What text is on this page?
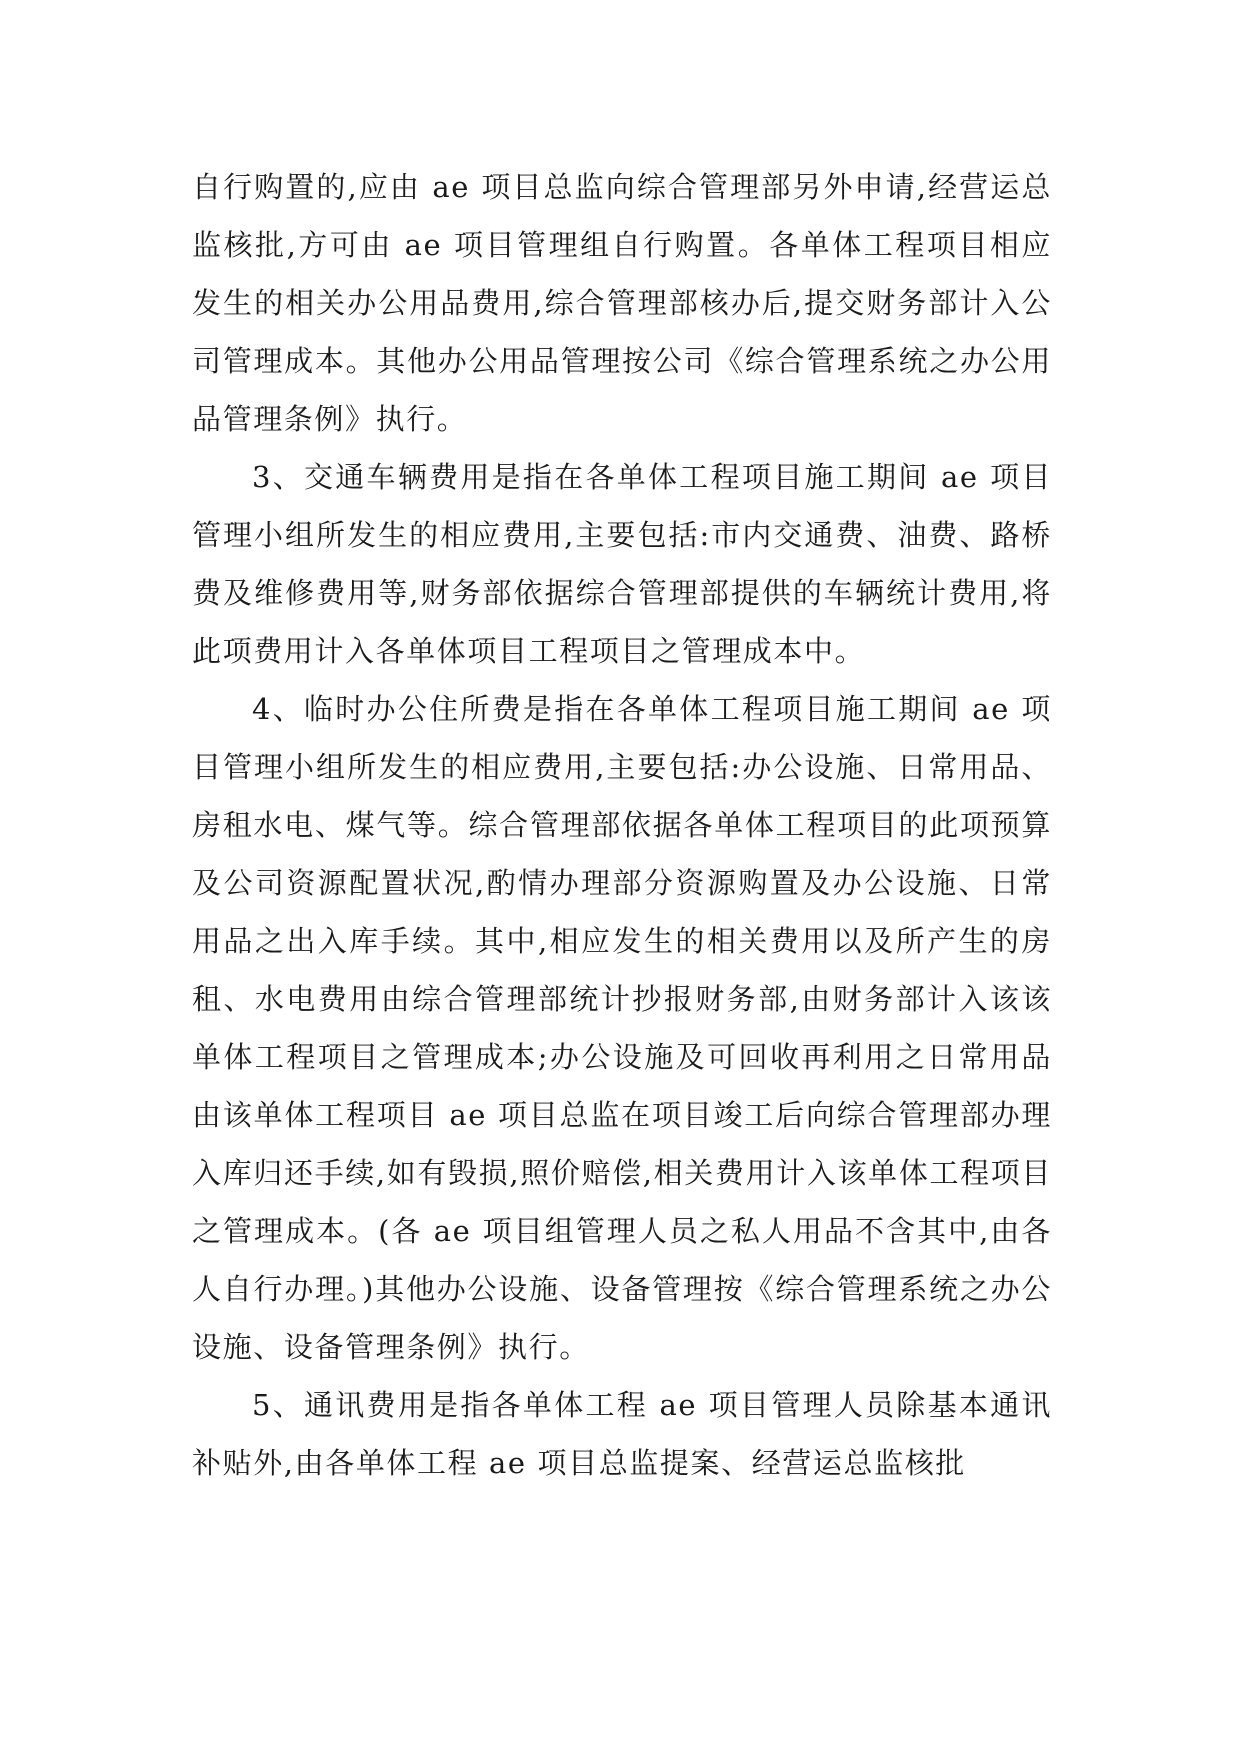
自行购置的,应由 ae 项目总监向综合管理部另外申请,经营运总监核批,方可由 ae 项目管理组自行购置。各单体工程项目相应发生的相关办公用品费用,综合管理部核办后,提交财务部计入公司管理成本。其他办公用品管理按公司《综合管理系统之办公用品管理条例》执行。

3、交通车辆费用是指在各单体工程项目施工期间 ae 项目管理小组所发生的相应费用,主要包括:市内交通费、油费、路桥费及维修费用等,财务部依据综合管理部提供的车辆统计费用,将此项费用计入各单体项目工程项目之管理成本中。

4、临时办公住所费是指在各单体工程项目施工期间 ae 项目管理小组所发生的相应费用,主要包括:办公设施、日常用品、房租水电、煤气等。综合管理部依据各单体工程项目的此项预算及公司资源配置状况,酌情办理部分资源购置及办公设施、日常用品之出入库手续。其中,相应发生的相关费用以及所产生的房租、水电费用由综合管理部统计抄报财务部,由财务部计入该该单体工程项目之管理成本;办公设施及可回收再利用之日常用品由该单体工程项目 ae 项目总监在项目竣工后向综合管理部办理入库归还手续,如有毁损,照价赔偿,相关费用计入该单体工程项目之管理成本。(各 ae 项目组管理人员之私人用品不含其中,由各人自行办理。)其他办公设施、设备管理按《综合管理系统之办公设施、设备管理条例》执行。

5、通讯费用是指各单体工程 ae 项目管理人员除基本通讯补贴外,由各单体工程 ae 项目总监提案、经营运总监核批
